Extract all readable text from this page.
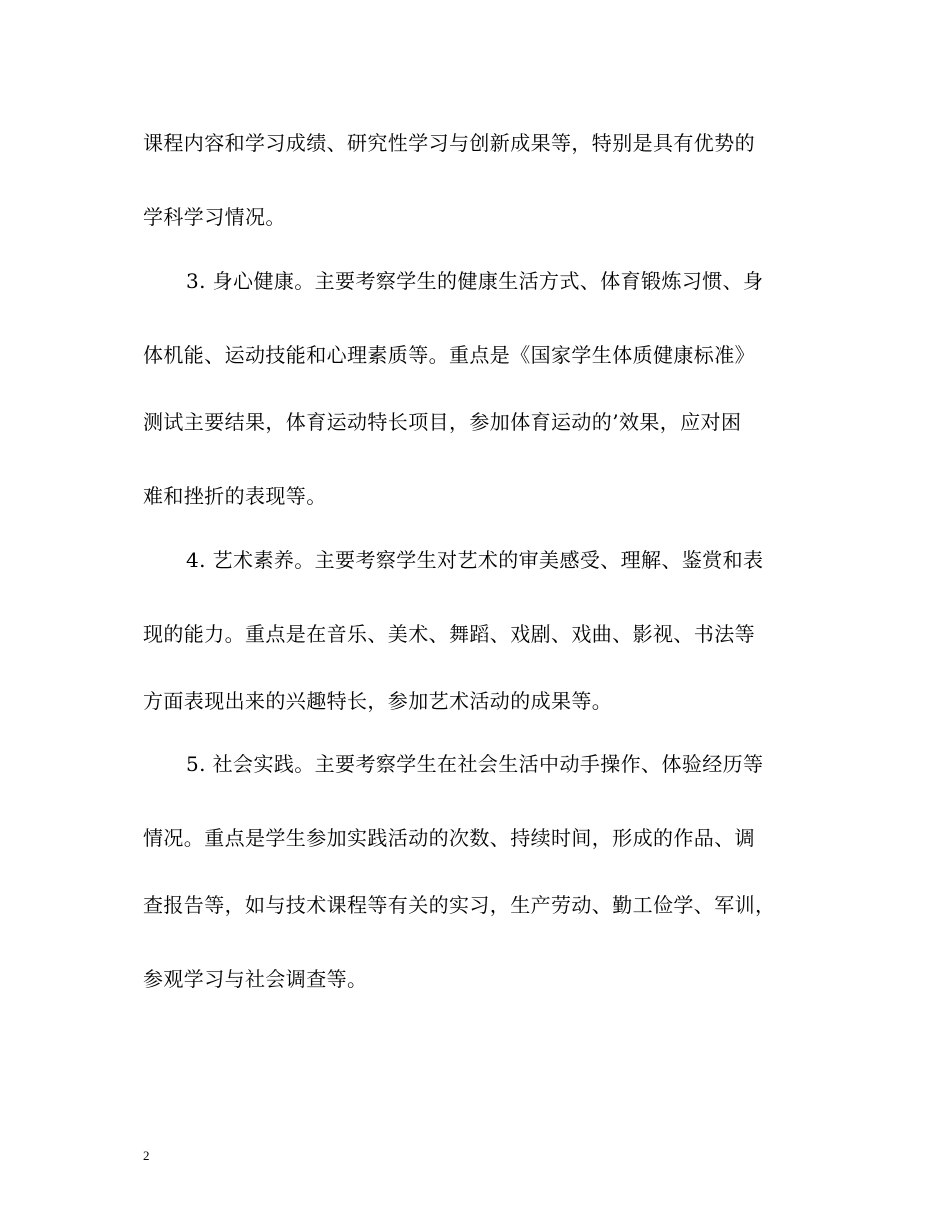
课程内容和学习成绩、研究性学习与创新成果等，特别是具有优势的
学科学习情况。
3. 身心健康。主要考察学生的健康生活方式、体育锻炼习惯、身
体机能、运动技能和心理素质等。重点是《国家学生体质健康标准》
测试主要结果，体育运动特长项目，参加体育运动的’效果，应对困
难和挫折的表现等。
4. 艺术素养。主要考察学生对艺术的审美感受、理解、鉴赏和表
现的能力。重点是在音乐、美术、舞蹈、戏剧、戏曲、影视、书法等
方面表现出来的兴趣特长，参加艺术活动的成果等。
5. 社会实践。主要考察学生在社会生活中动手操作、体验经历等
情况。重点是学生参加实践活动的次数、持续时间，形成的作品、调
查报告等，如与技术课程等有关的实习，生产劳动、勤工俭学、军训，
参观学习与社会调查等。
2
